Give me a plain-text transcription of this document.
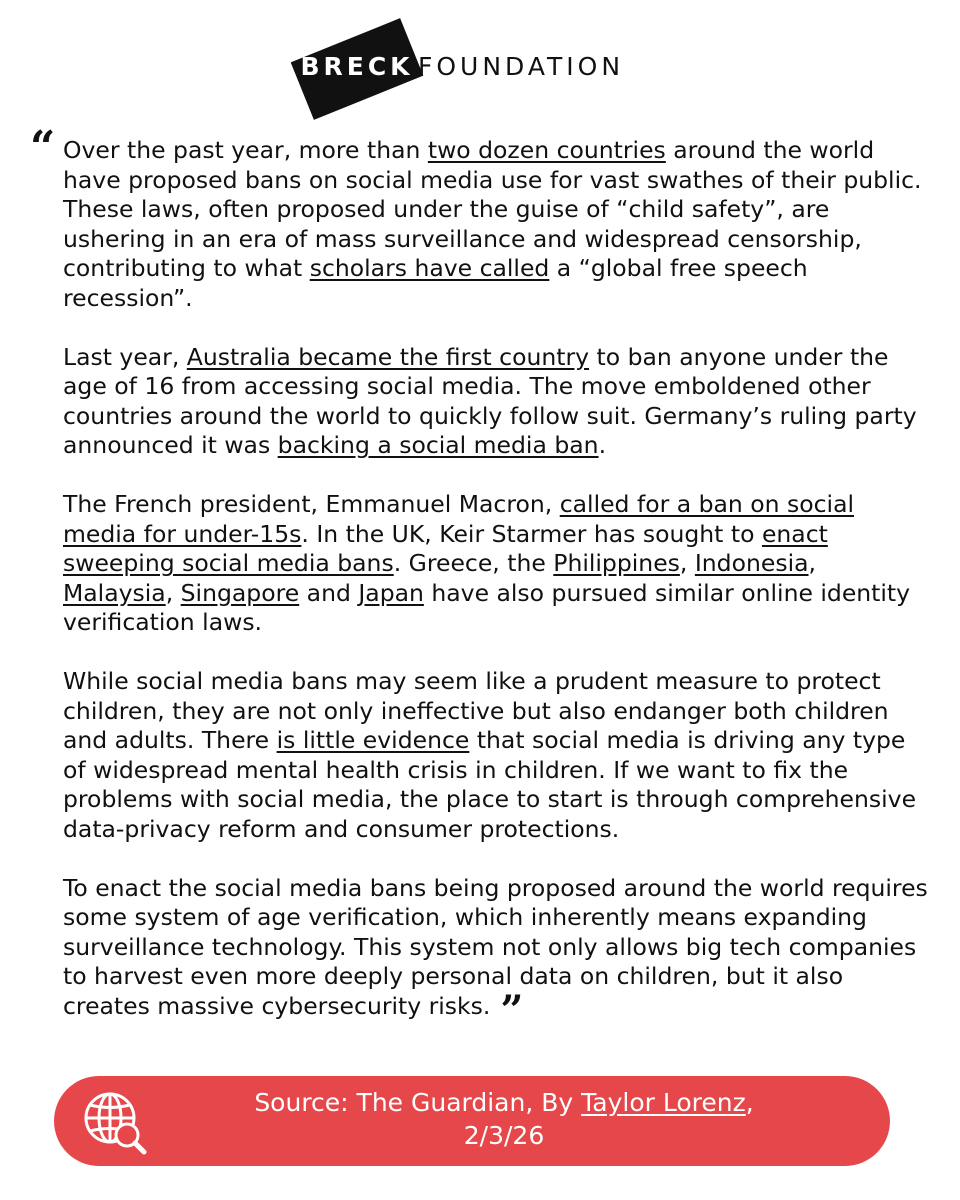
BRECK FOUNDATION
“ Over the past year, more than two dozen countries around the world have proposed bans on social media use for vast swathes of their public. These laws, often proposed under the guise of “child safety”, are ushering in an era of mass surveillance and widespread censorship, contributing to what scholars have called a “global free speech recession”.

Last year, Australia became the first country to ban anyone under the age of 16 from accessing social media. The move emboldened other countries around the world to quickly follow suit. Germany’s ruling party announced it was backing a social media ban.

The French president, Emmanuel Macron, called for a ban on social media for under-15s. In the UK, Keir Starmer has sought to enact sweeping social media bans. Greece, the Philippines, Indonesia, Malaysia, Singapore and Japan have also pursued similar online identity verification laws.

While social media bans may seem like a prudent measure to protect children, they are not only ineffective but also endanger both children and adults. There is little evidence that social media is driving any type of widespread mental health crisis in children. If we want to fix the problems with social media, the place to start is through comprehensive data-privacy reform and consumer protections.

To enact the social media bans being proposed around the world requires some system of age verification, which inherently means expanding surveillance technology. This system not only allows big tech companies to harvest even more deeply personal data on children, but it also creates massive cybersecurity risks. ”

Source: The Guardian, By Taylor Lorenz,
2/3/26
